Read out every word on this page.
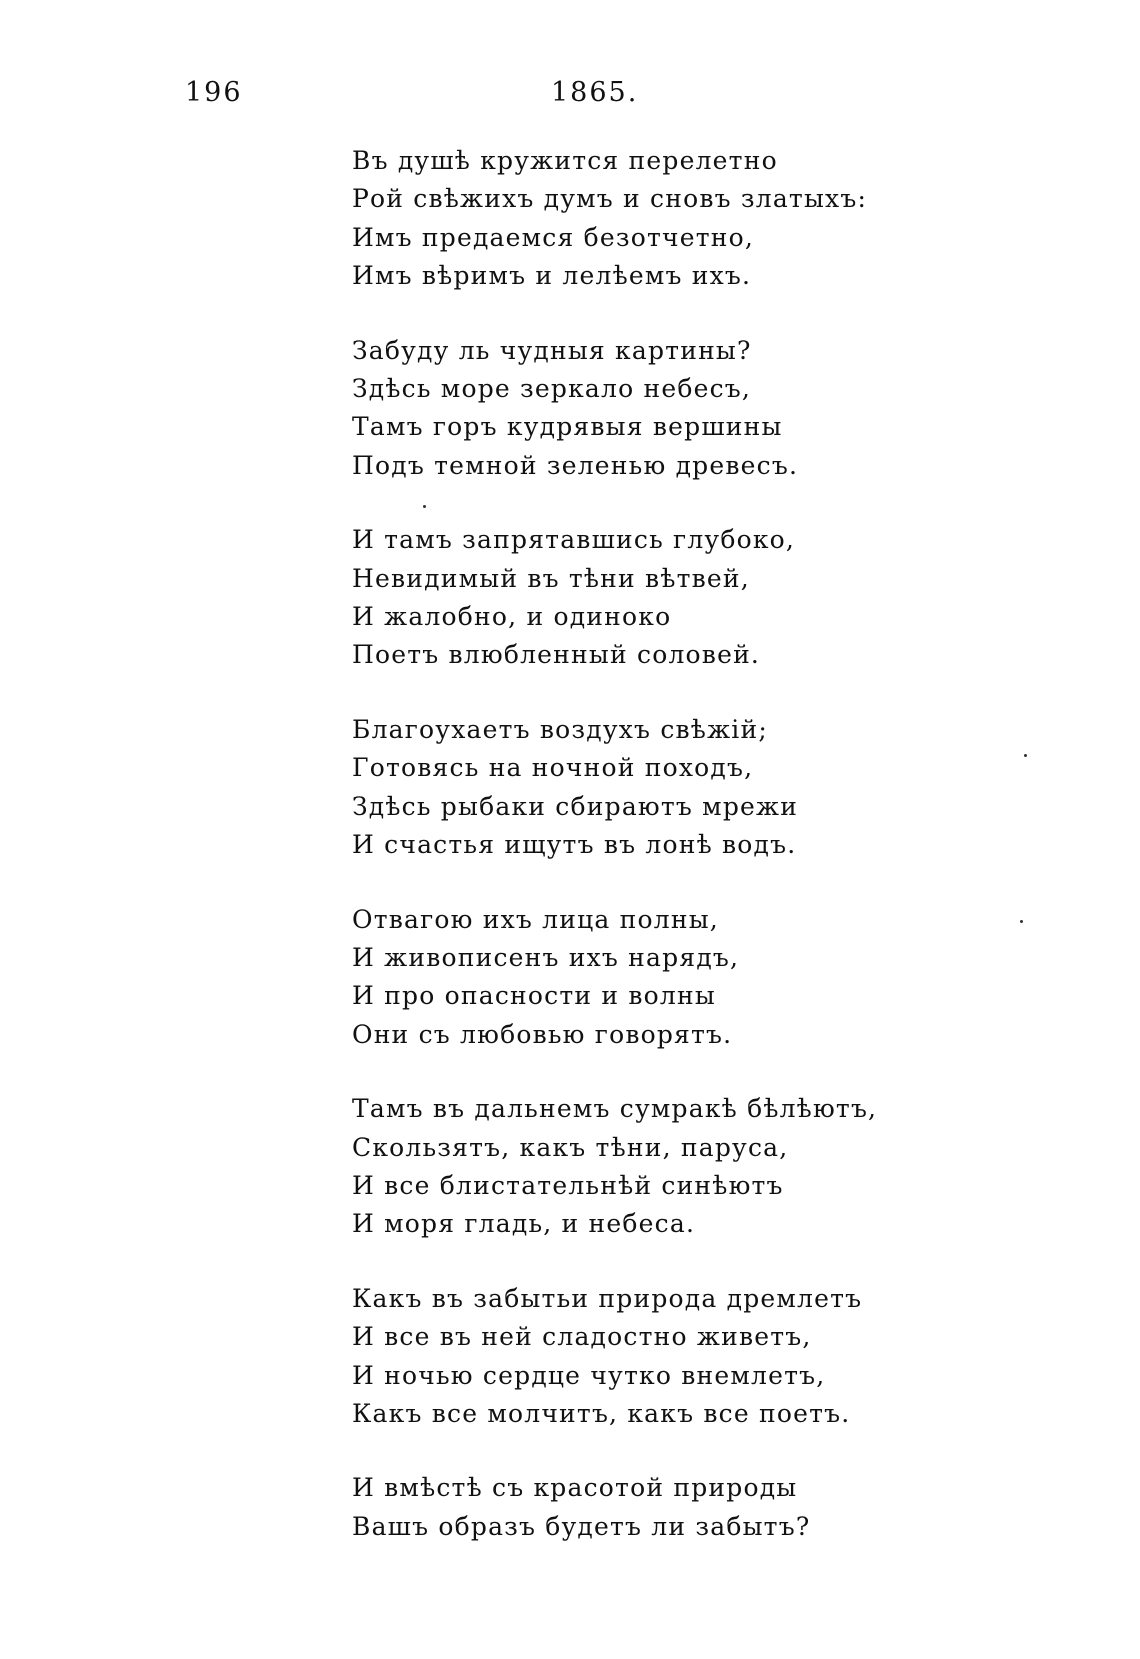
196	1865.
Въ душѣ кружится перелетно
Рой свѣжихъ думъ и сновъ златыхъ:
Имъ предаемся безотчетно,
Имъ вѣримъ и лелѣемъ ихъ.
Забуду ль чудныя картины?
Здѣсь море зеркало небесъ,
Тамъ горъ кудрявыя вершины
Подъ темной зеленью древесъ.
И тамъ запрятавшись глубоко,
Невидимый въ тѣни вѣтвей,
И жалобно, и одиноко
Поетъ влюбленный соловей.
Благоухаетъ воздухъ свѣжій;
Готовясь на ночной походъ,
Здѣсь рыбаки сбираютъ мрежи
И счастья ищутъ въ лонѣ водъ.
Отвагою ихъ лица полны,
И живописенъ ихъ нарядъ,
И про опасности и волны
Они съ любовью говорятъ.
Тамъ въ дальнемъ сумракѣ бѣлѣютъ,
Скользятъ, какъ тѣни, паруса,
И все блистательнѣй синѣютъ
И моря гладь, и небеса.
Какъ въ забытьи природа дремлетъ
И все въ ней сладостно живетъ,
И ночью сердце чутко внемлетъ,
Какъ все молчитъ, какъ все поетъ.
И вмѣстѣ съ красотой природы
Вашъ образъ будетъ ли забытъ?
